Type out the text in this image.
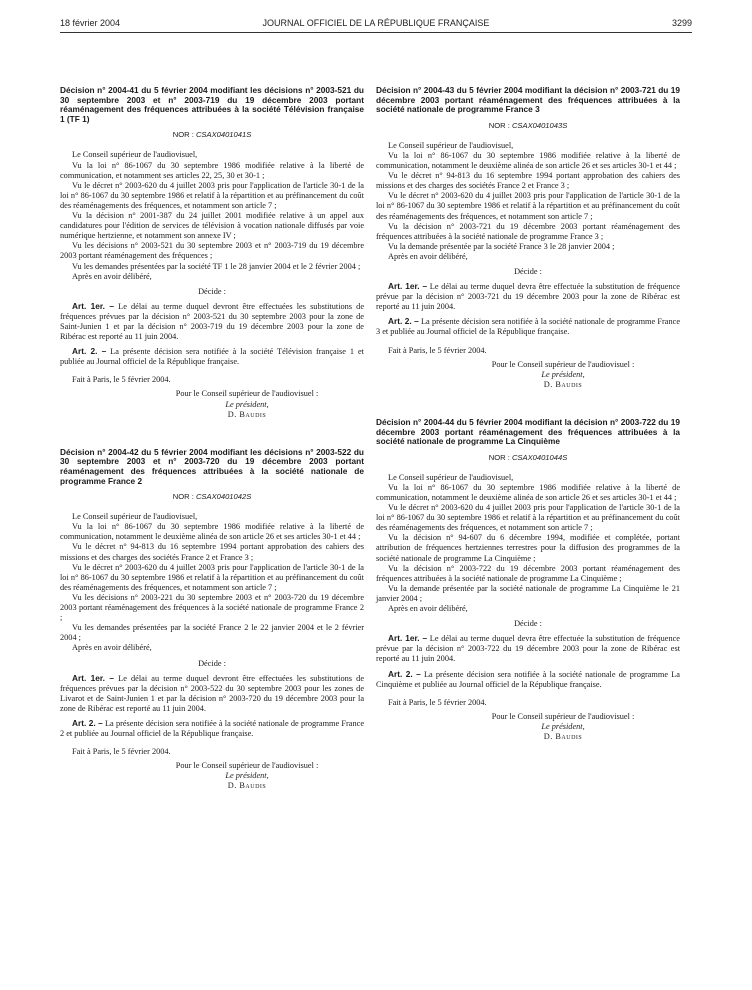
18 février 2004	JOURNAL OFFICIEL DE LA RÉPUBLIQUE FRANÇAISE	3299

Décision n° 2004-41 du 5 février 2004 modifiant les décisions n° 2003-521 du 30 septembre 2003 et n° 2003-719 du 19 décembre 2003 portant réaménagement des fréquences attribuées à la société Télévision française 1 (TF 1)

NOR : CSAX0401041S

Le Conseil supérieur de l'audiovisuel,

Vu la loi n° 86-1067 du 30 septembre 1986 modifiée relative à la liberté de communication, et notamment ses articles 22, 25, 30 et 30-1 ;

Vu le décret n° 2003-620 du 4 juillet 2003 pris pour l'application de l'article 30-1 de la loi n° 86-1067 du 30 septembre 1986 et relatif à la répartition et au préfinancement du coût des réaménagements des fréquences, et notamment son article 7 ;

Vu la décision n° 2001-387 du 24 juillet 2001 modifiée relative à un appel aux candidatures pour l'édition de services de télévision à vocation nationale diffusés par voie numérique hertzienne, et notamment son annexe IV ;

Vu les décisions n° 2003-521 du 30 septembre 2003 et n° 2003-719 du 19 décembre 2003 portant réaménagement des fréquences ;

Vu les demandes présentées par la société TF 1 le 28 janvier 2004 et le 2 février 2004 ;

Après en avoir délibéré,

Décide :

Art. 1er. – Le délai au terme duquel devront être effectuées les substitutions de fréquences prévues par la décision n° 2003-521 du 30 septembre 2003 pour la zone de Saint-Junien 1 et par la décision n° 2003-719 du 19 décembre 2003 pour la zone de Ribérac est reporté au 11 juin 2004.

Art. 2. – La présente décision sera notifiée à la société Télévision française 1 et publiée au Journal officiel de la République française.

Fait à Paris, le 5 février 2004.

Pour le Conseil supérieur de l'audiovisuel :
Le président,
D. Baudis

Décision n° 2004-42 du 5 février 2004 modifiant les décisions n° 2003-522 du 30 septembre 2003 et n° 2003-720 du 19 décembre 2003 portant réaménagement des fréquences attribuées à la société nationale de programme France 2

NOR : CSAX0401042S

Le Conseil supérieur de l'audiovisuel,

Vu la loi n° 86-1067 du 30 septembre 1986 modifiée relative à la liberté de communication, notamment le deuxième alinéa de son article 26 et ses articles 30-1 et 44 ;

Vu le décret n° 94-813 du 16 septembre 1994 portant approbation des cahiers des missions et des charges des sociétés France 2 et France 3 ;

Vu le décret n° 2003-620 du 4 juillet 2003 pris pour l'application de l'article 30-1 de la loi n° 86-1067 du 30 septembre 1986 et relatif à la répartition et au préfinancement du coût des réaménagements des fréquences, et notamment son article 7 ;

Vu les décisions n° 2003-221 du 30 septembre 2003 et n° 2003-720 du 19 décembre 2003 portant réaménagement des fréquences à la société nationale de programme France 2 ;

Vu les demandes présentées par la société France 2 le 22 janvier 2004 et le 2 février 2004 ;

Après en avoir délibéré,

Décide :

Art. 1er. – Le délai au terme duquel devront être effectuées les substitutions de fréquences prévues par la décision n° 2003-522 du 30 septembre 2003 pour les zones de Livarot et de Saint-Junien 1 et par la décision n° 2003-720 du 19 décembre 2003 pour la zone de Ribérac est reporté au 11 juin 2004.

Art. 2. – La présente décision sera notifiée à la société nationale de programme France 2 et publiée au Journal officiel de la République française.

Fait à Paris, le 5 février 2004.

Pour le Conseil supérieur de l'audiovisuel :
Le président,
D. Baudis

Décision n° 2004-43 du 5 février 2004 modifiant la décision n° 2003-721 du 19 décembre 2003 portant réaménagement des fréquences attribuées à la société nationale de programme France 3

NOR : CSAX0401043S

Le Conseil supérieur de l'audiovisuel,

Vu la loi n° 86-1067 du 30 septembre 1986 modifiée relative à la liberté de communication, notamment le deuxième alinéa de son article 26 et ses articles 30-1 et 44 ;

Vu le décret n° 94-813 du 16 septembre 1994 portant approbation des cahiers des missions et des charges des sociétés France 2 et France 3 ;

Vu le décret n° 2003-620 du 4 juillet 2003 pris pour l'application de l'article 30-1 de la loi n° 86-1067 du 30 septembre 1986 et relatif à la répartition et au préfinancement du coût des réaménagements des fréquences, et notamment son article 7 ;

Vu la décision n° 2003-721 du 19 décembre 2003 portant réaménagement des fréquences attribuées à la société nationale de programme France 3 ;

Vu la demande présentée par la société France 3 le 28 janvier 2004 ;

Après en avoir délibéré,

Décide :

Art. 1er. – Le délai au terme duquel devra être effectuée la substitution de fréquence prévue par la décision n° 2003-721 du 19 décembre 2003 pour la zone de Ribérac est reporté au 11 juin 2004.

Art. 2. – La présente décision sera notifiée à la société nationale de programme France 3 et publiée au Journal officiel de la République française.

Fait à Paris, le 5 février 2004.

Pour le Conseil supérieur de l'audiovisuel :
Le président,
D. Baudis

Décision n° 2004-44 du 5 février 2004 modifiant la décision n° 2003-722 du 19 décembre 2003 portant réaménagement des fréquences attribuées à la société nationale de programme La Cinquième

NOR : CSAX0401044S

Le Conseil supérieur de l'audiovisuel,

Vu la loi n° 86-1067 du 30 septembre 1986 modifiée relative à la liberté de communication, notamment le deuxième alinéa de son article 26 et ses articles 30-1 et 44 ;

Vu le décret n° 2003-620 du 4 juillet 2003 pris pour l'application de l'article 30-1 de la loi n° 86-1067 du 30 septembre 1986 et relatif à la répartition et au préfinancement du coût des réaménagements des fréquences, et notamment son article 7 ;

Vu la décision n° 94-607 du 6 décembre 1994, modifiée et complétée, portant attribution de fréquences hertziennes terrestres pour la diffusion des programmes de la société nationale de programme La Cinquième ;

Vu la décision n° 2003-722 du 19 décembre 2003 portant réaménagement des fréquences attribuées à la société nationale de programme La Cinquième ;

Vu la demande présentée par la société nationale de programme La Cinquième le 21 janvier 2004 ;

Après en avoir délibéré,

Décide :

Art. 1er. – Le délai au terme duquel devra être effectuée la substitution de fréquence prévue par la décision n° 2003-722 du 19 décembre 2003 pour la zone de Ribérac est reporté au 11 juin 2004.

Art. 2. – La présente décision sera notifiée à la société nationale de programme La Cinquième et publiée au Journal officiel de la République française.

Fait à Paris, le 5 février 2004.

Pour le Conseil supérieur de l'audiovisuel :
Le président,
D. Baudis
